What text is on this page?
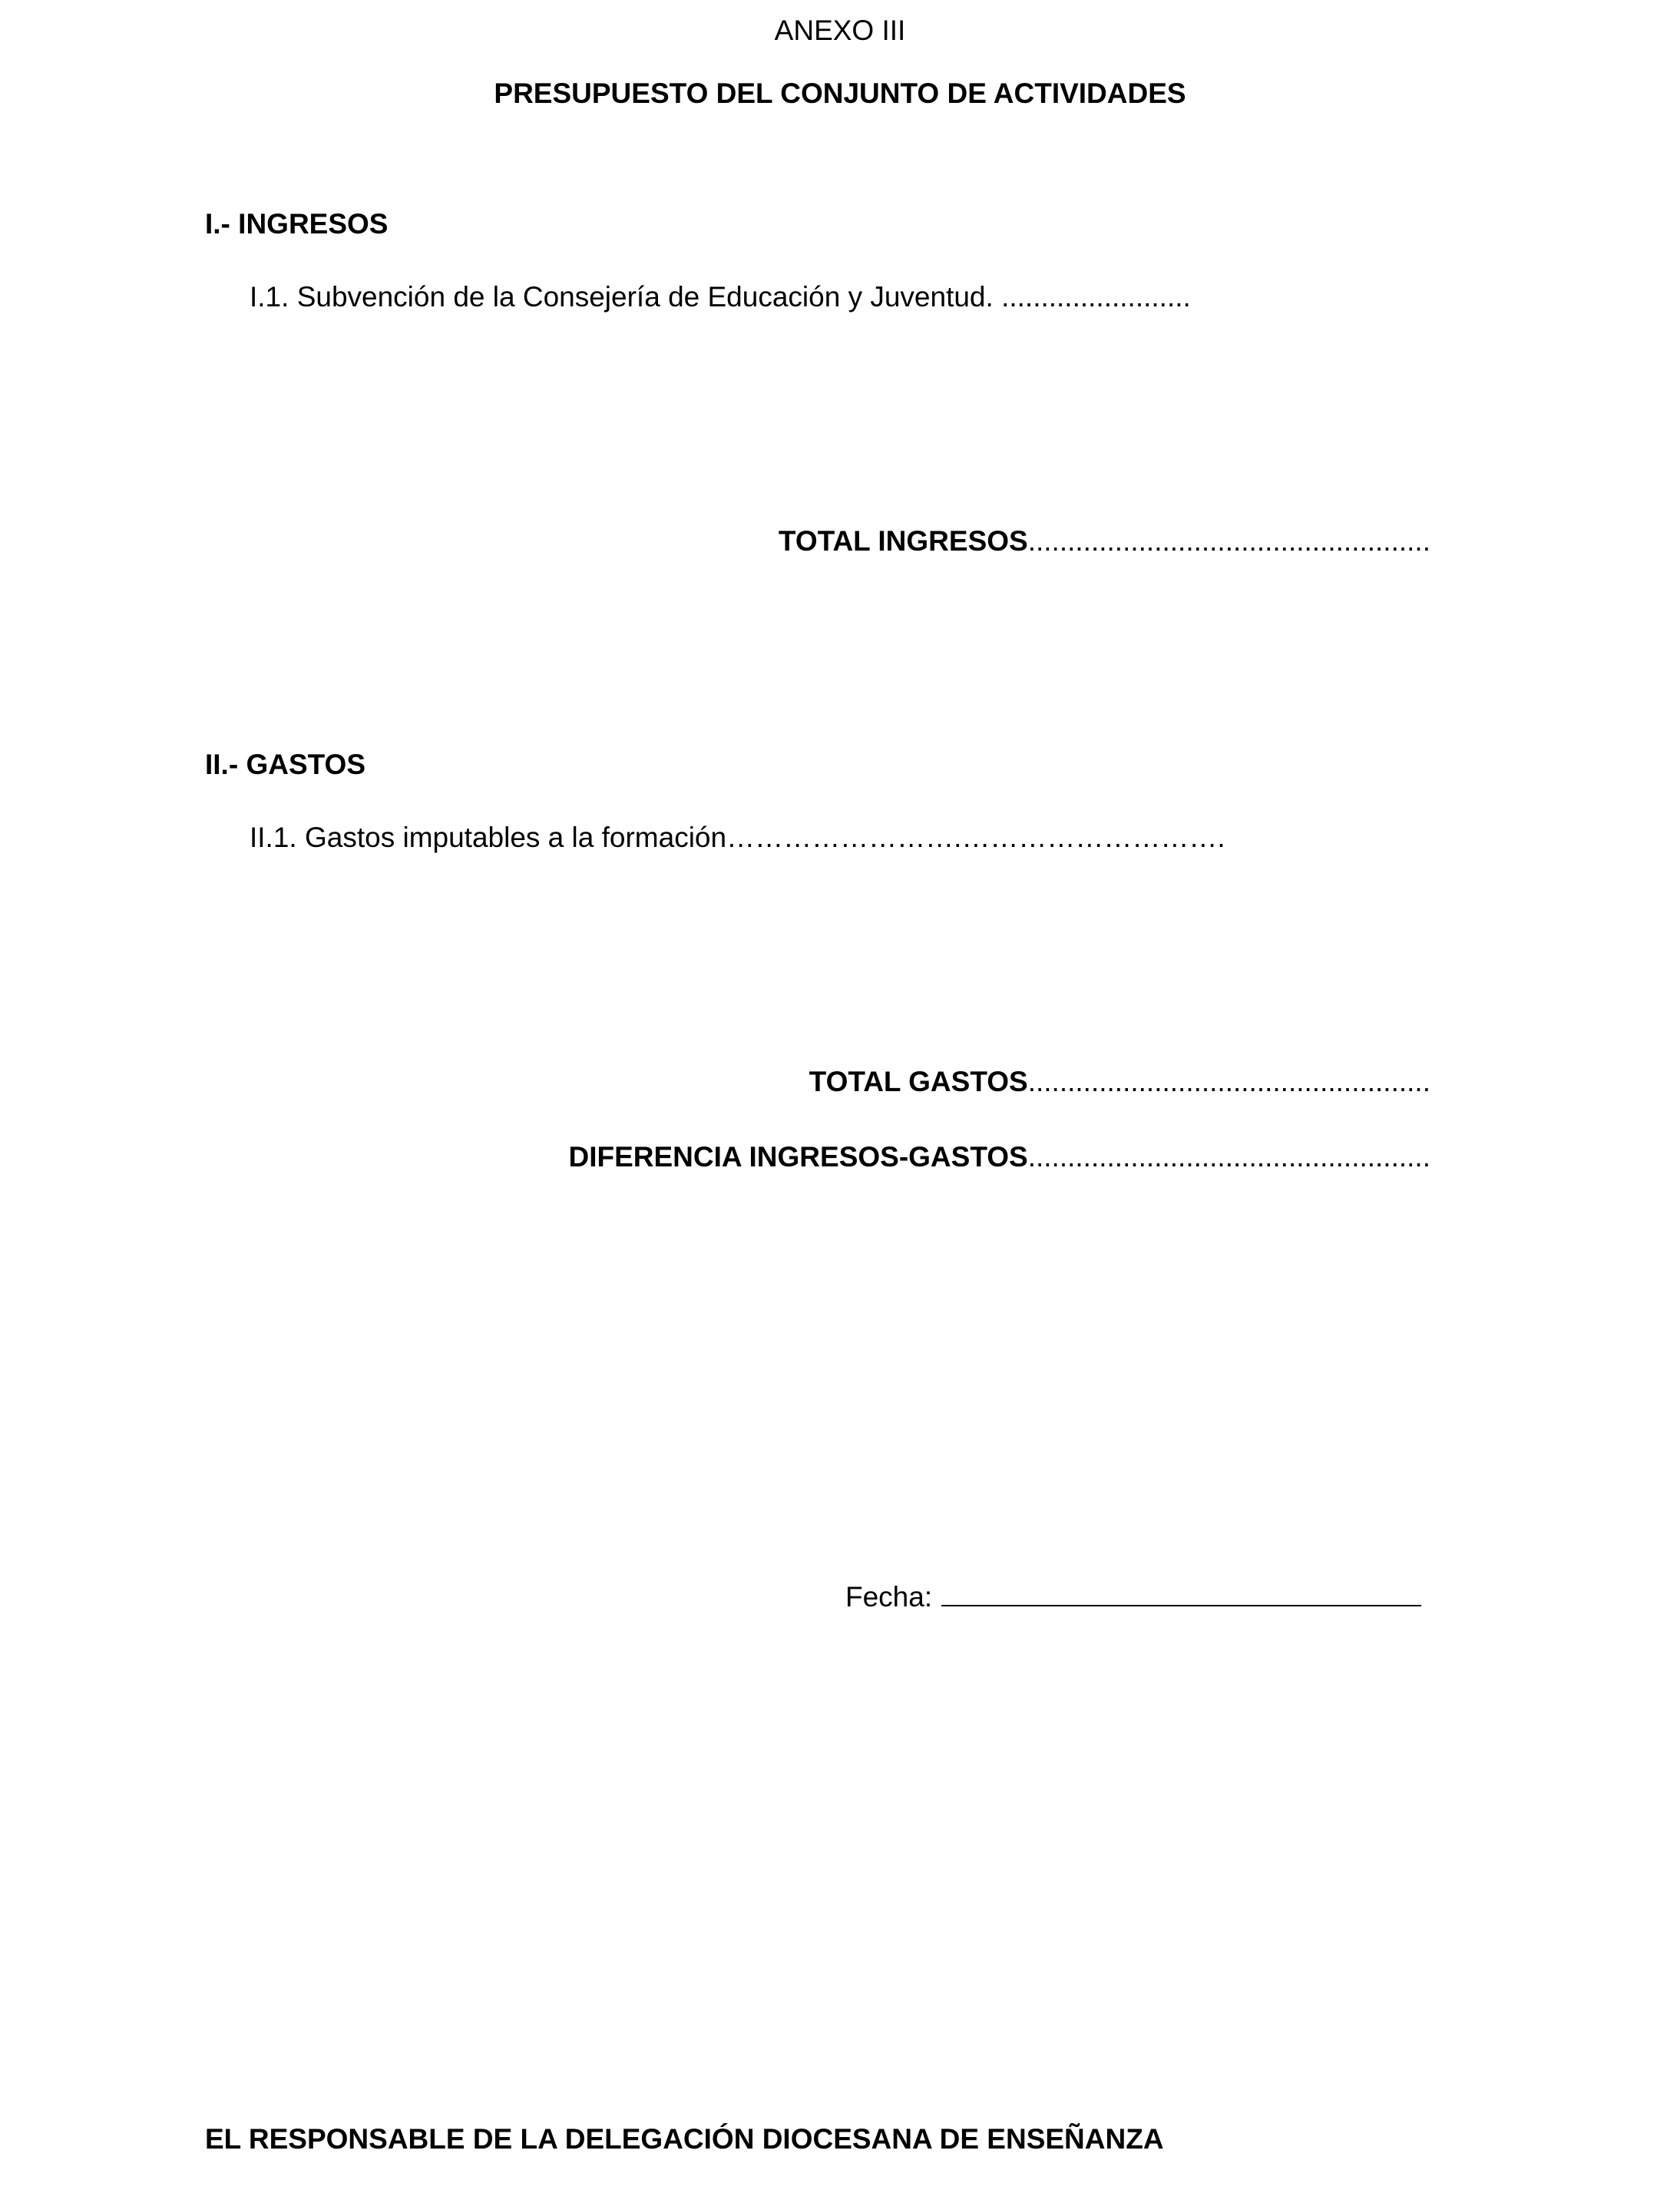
ANEXO III
PRESUPUESTO DEL CONJUNTO DE ACTIVIDADES
I.- INGRESOS
I.1. Subvención de la Consejería de Educación y Juventud. ........................
TOTAL INGRESOS...................................................
II.- GASTOS
II.1. Gastos imputables a la formación…………………….……………………….
TOTAL GASTOS...................................................
DIFERENCIA INGRESOS-GASTOS...................................................
Fecha:
EL RESPONSABLE DE LA DELEGACIÓN DIOCESANA DE ENSEÑANZA
